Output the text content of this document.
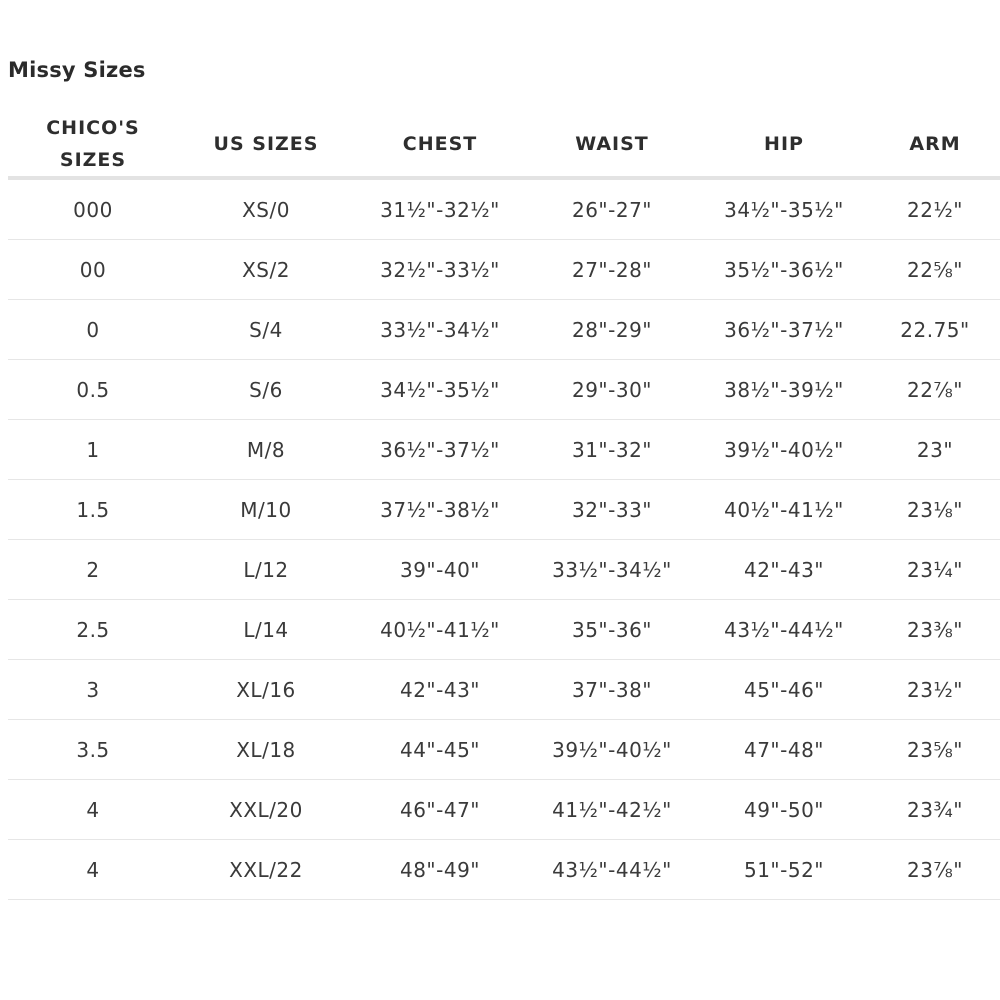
Missy Sizes
CHICO'S SIZES	US SIZES	CHEST	WAIST	HIP	ARM
000	XS/0	31½"-32½"	26"-27"	34½"-35½"	22½"
00	XS/2	32½"-33½"	27"-28"	35½"-36½"	22⅝"
0	S/4	33½"-34½"	28"-29"	36½"-37½"	22.75"
0.5	S/6	34½"-35½"	29"-30"	38½"-39½"	22⅞"
1	M/8	36½"-37½"	31"-32"	39½"-40½"	23"
1.5	M/10	37½"-38½"	32"-33"	40½"-41½"	23⅛"
2	L/12	39"-40"	33½"-34½"	42"-43"	23¼"
2.5	L/14	40½"-41½"	35"-36"	43½"-44½"	23⅜"
3	XL/16	42"-43"	37"-38"	45"-46"	23½"
3.5	XL/18	44"-45"	39½"-40½"	47"-48"	23⅝"
4	XXL/20	46"-47"	41½"-42½"	49"-50"	23¾"
4	XXL/22	48"-49"	43½"-44½"	51"-52"	23⅞"
